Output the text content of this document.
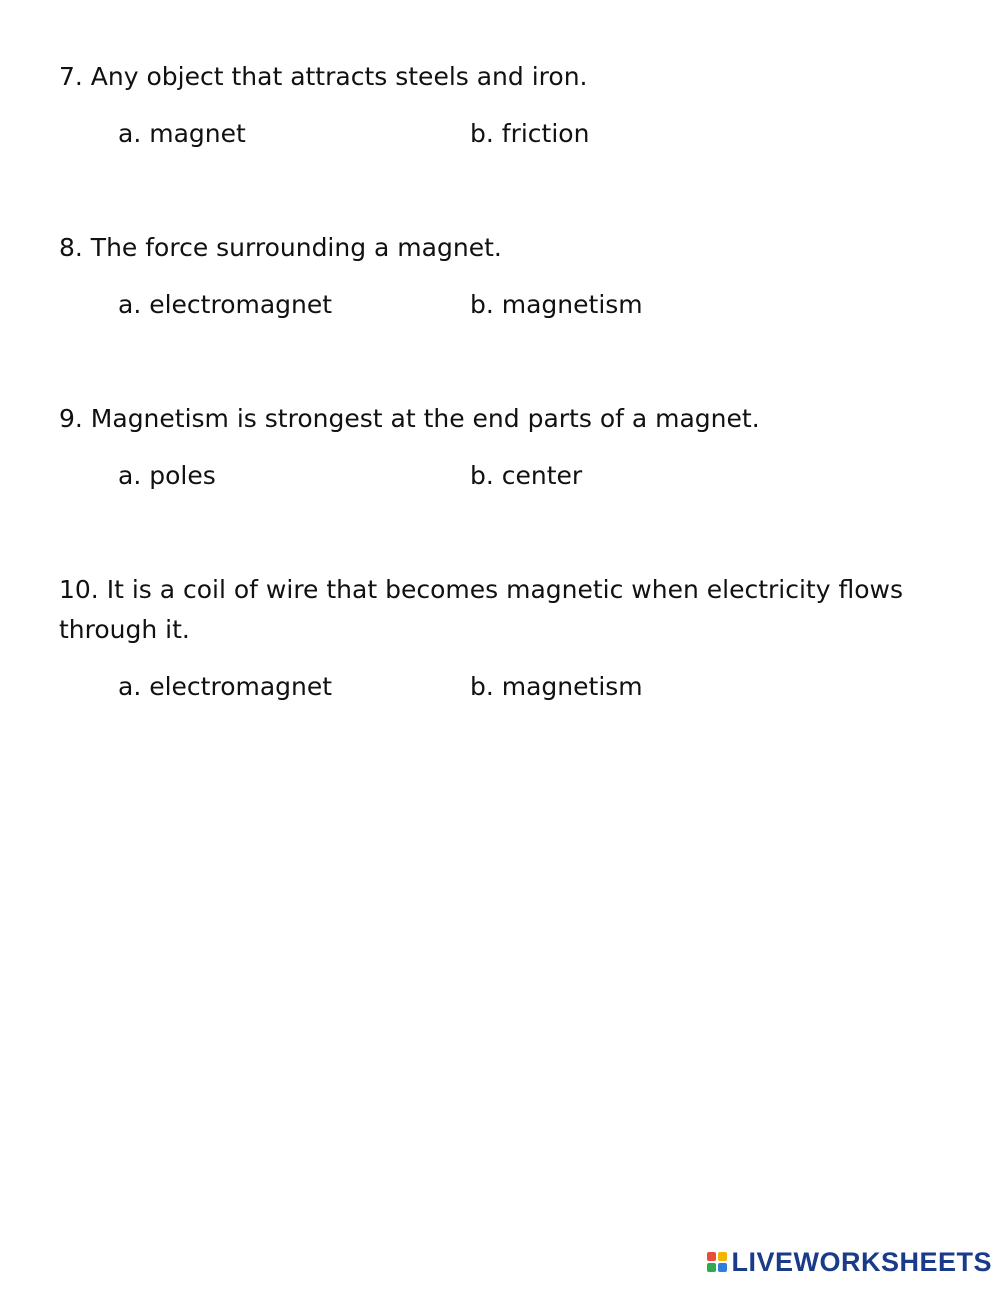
7. Any object that attracts steels and iron.

a. magnet	b. friction

8. The force surrounding a magnet.

a. electromagnet	b. magnetism

9. Magnetism is strongest at the end parts of a magnet.

a. poles	b. center

10. It is a coil of wire that becomes magnetic when electricity flows through it.

a. electromagnet	b. magnetism
LIVEWORKSHEETS
